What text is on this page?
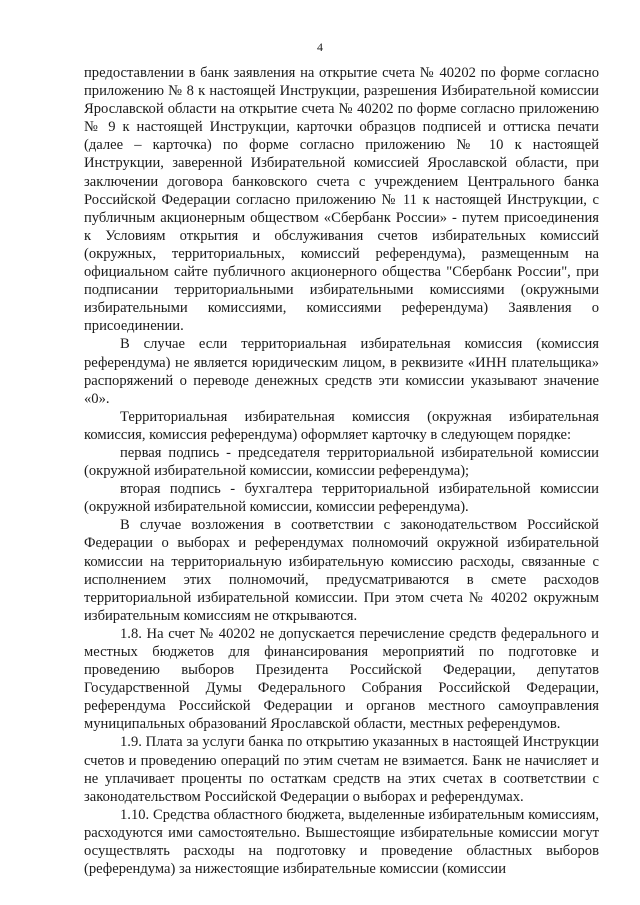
4

предоставлении в банк заявления на открытие счета № 40202 по форме согласно приложению № 8 к настоящей Инструкции, разрешения Избирательной комиссии Ярославской области на открытие счета № 40202 по форме согласно приложению № 9 к настоящей Инструкции, карточки образцов подписей и оттиска печати (далее – карточка) по форме согласно приложению № 10 к настоящей Инструкции, заверенной Избирательной комиссией Ярославской области, при заключении договора банковского счета с учреждением Центрального банка Российской Федерации согласно приложению № 11 к настоящей Инструкции, с публичным акционерным обществом «Сбербанк России» - путем присоединения к Условиям открытия и обслуживания счетов избирательных комиссий (окружных, территориальных, комиссий референдума), размещенным на официальном сайте публичного акционерного общества "Сбербанк России", при подписании территориальными избирательными комиссиями (окружными избирательными комиссиями, комиссиями референдума) Заявления о присоединении.

В случае если территориальная избирательная комиссия (комиссия референдума) не является юридическим лицом, в реквизите «ИНН плательщика» распоряжений о переводе денежных средств эти комиссии указывают значение «0».

Территориальная избирательная комиссия (окружная избирательная комиссия, комиссия референдума) оформляет карточку в следующем порядке:

первая подпись - председателя территориальной избирательной комиссии (окружной избирательной комиссии, комиссии референдума);

вторая подпись - бухгалтера территориальной избирательной комиссии (окружной избирательной комиссии, комиссии референдума).

В случае возложения в соответствии с законодательством Российской Федерации о выборах и референдумах полномочий окружной избирательной комиссии на территориальную избирательную комиссию расходы, связанные с исполнением этих полномочий, предусматриваются в смете расходов территориальной избирательной комиссии. При этом счета № 40202 окружным избирательным комиссиям не открываются.

1.8. На счет № 40202 не допускается перечисление средств федерального и местных бюджетов для финансирования мероприятий по подготовке и проведению выборов Президента Российской Федерации, депутатов Государственной Думы Федерального Собрания Российской Федерации, референдума Российской Федерации и органов местного самоуправления муниципальных образований Ярославской области, местных референдумов.

1.9. Плата за услуги банка по открытию указанных в настоящей Инструкции счетов и проведению операций по этим счетам не взимается. Банк не начисляет и не уплачивает проценты по остаткам средств на этих счетах в соответствии с законодательством Российской Федерации о выборах и референдумах.

1.10. Средства областного бюджета, выделенные избирательным комиссиям, расходуются ими самостоятельно. Вышестоящие избирательные комиссии могут осуществлять расходы на подготовку и проведение областных выборов (референдума) за нижестоящие избирательные комиссии (комиссии
